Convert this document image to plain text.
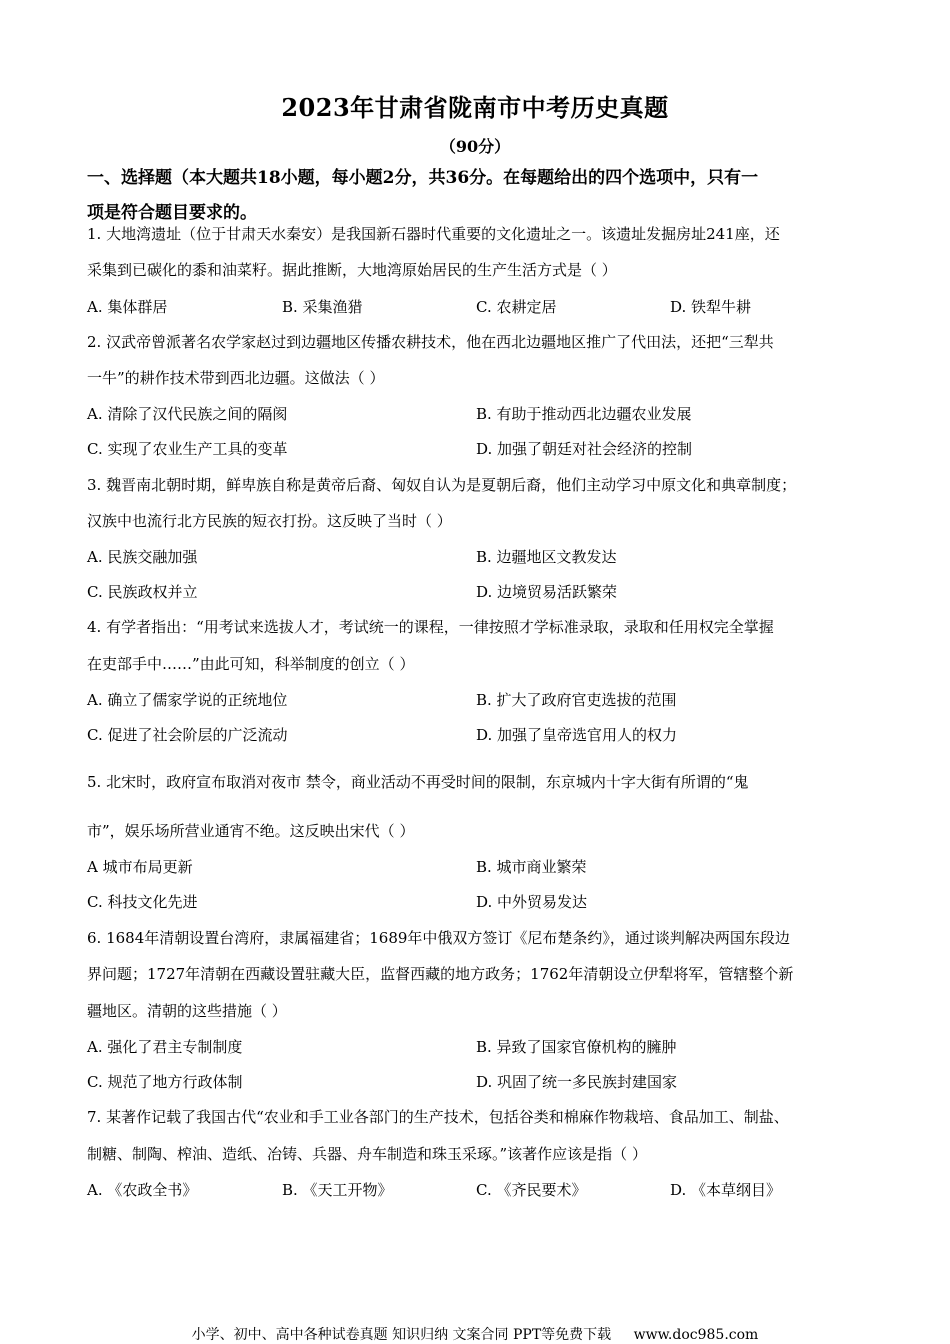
2023年甘肃省陇南市中考历史真题
（90分）
一、选择题（本大题共18小题，每小题2分，共36分。在每题给出的四个选项中，只有一
项是符合题目要求的。
1. 大地湾遗址（位于甘肃天水秦安）是我国新石器时代重要的文化遗址之一。该遗址发掘房址241座，还
采集到已碳化的黍和油菜籽。据此推断，大地湾原始居民的生产生活方式是（ ）
A. 集体群居	B. 采集渔猎	C. 农耕定居	D. 铁犁牛耕
2. 汉武帝曾派著名农学家赵过到边疆地区传播农耕技术，他在西北边疆地区推广了代田法，还把“三犁共
一牛”的耕作技术带到西北边疆。这做法（ ）
A. 清除了汉代民族之间的隔阂	B. 有助于推动西北边疆农业发展
C. 实现了农业生产工具的变革	D. 加强了朝廷对社会经济的控制
3. 魏晋南北朝时期，鲜卑族自称是黄帝后裔、匈奴自认为是夏朝后裔，他们主动学习中原文化和典章制度；
汉族中也流行北方民族的短衣打扮。这反映了当时（ ）
A. 民族交融加强	B. 边疆地区文教发达
C. 民族政权并立	D. 边境贸易活跃繁荣
4. 有学者指出：“用考试来选拔人才，考试统一的课程，一律按照才学标准录取，录取和任用权完全掌握
在吏部手中……”由此可知，科举制度的创立（ ）
A. 确立了儒家学说的正统地位	B. 扩大了政府官吏选拔的范围
C. 促进了社会阶层的广泛流动	D. 加强了皇帝选官用人的权力
5. 北宋时，政府宣布取消对夜市 禁令，商业活动不再受时间的限制，东京城内十字大街有所谓的“鬼
市”，娱乐场所营业通宵不绝。这反映出宋代（ ）
A 城市布局更新	B. 城市商业繁荣
C. 科技文化先进	D. 中外贸易发达
6. 1684年清朝设置台湾府，隶属福建省；1689年中俄双方签订《尼布楚条约》，通过谈判解决两国东段边
界问题；1727年清朝在西藏设置驻藏大臣，监督西藏的地方政务；1762年清朝设立伊犁将军，管辖整个新
疆地区。清朝的这些措施（ ）
A. 强化了君主专制制度	B. 异致了国家官僚机构的臃肿
C. 规范了地方行政体制	D. 巩固了统一多民族封建国家
7. 某著作记载了我国古代“农业和手工业各部门的生产技术，包括谷类和棉麻作物栽培、食品加工、制盐、
制糖、制陶、榨油、造纸、冶铸、兵器、舟车制造和珠玉采琢。”该著作应该是指（ ）
A. 《农政全书》	B. 《天工开物》	C. 《齐民要术》	D. 《本草纲目》
小学、初中、高中各种试卷真题 知识归纳 文案合同 PPT等免费下载 www.doc985.com
